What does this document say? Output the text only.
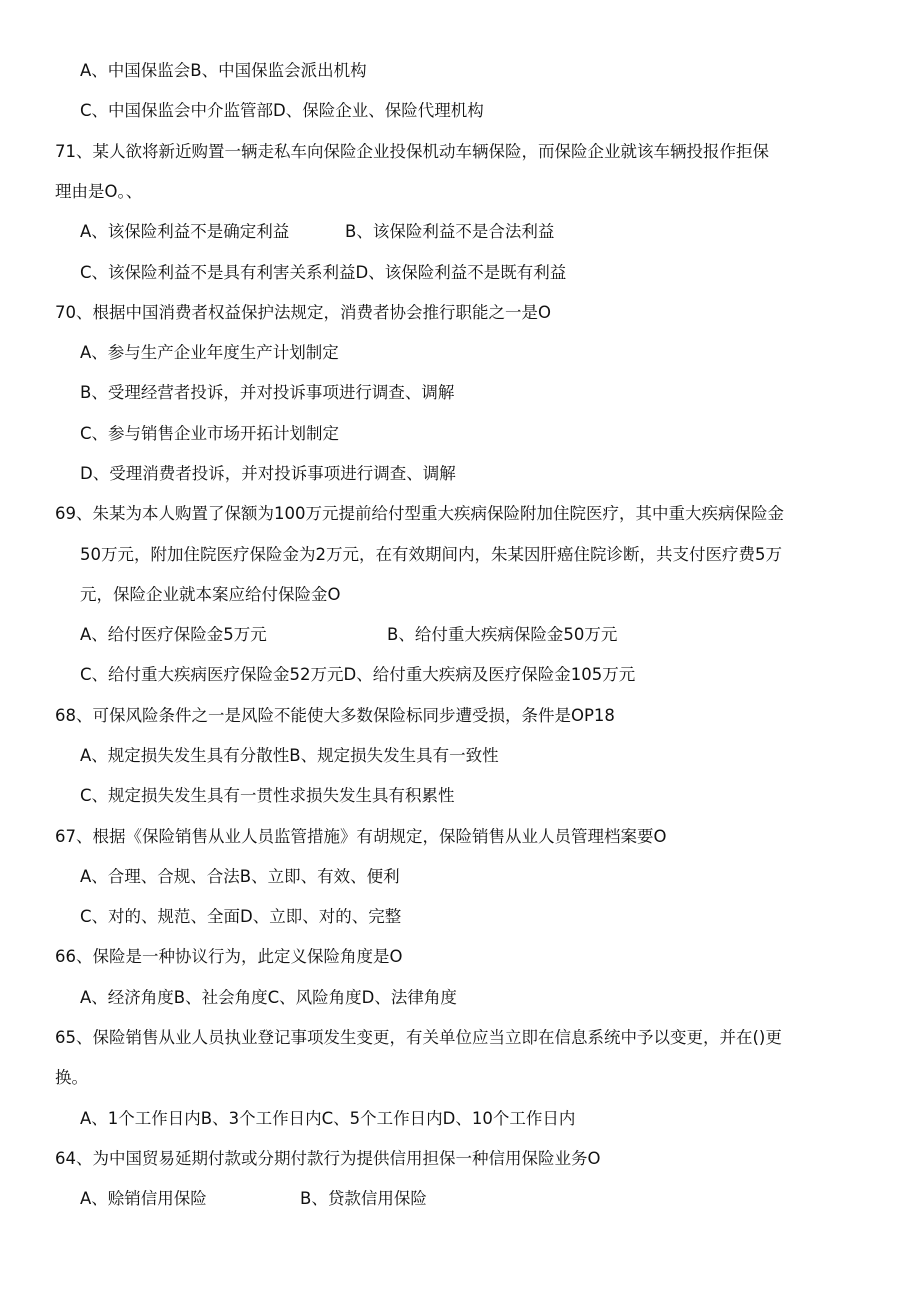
A、中国保监会B、中国保监会派出机构
C、中国保监会中介监管部D、保险企业、保险代理机构
71、某人欲将新近购置一辆走私车向保险企业投保机动车辆保险，而保险企业就该车辆投报作拒保
理由是O。、
A、该保险利益不是确定利益	B、该保险利益不是合法利益
C、该保险利益不是具有利害关系利益D、该保险利益不是既有利益
70、根据中国消费者权益保护法规定，消费者协会推行职能之一是O
A、参与生产企业年度生产计划制定
B、受理经营者投诉，并对投诉事项进行调查、调解
C、参与销售企业市场开拓计划制定
D、受理消费者投诉，并对投诉事项进行调查、调解
69、朱某为本人购置了保额为100万元提前给付型重大疾病保险附加住院医疗，其中重大疾病保险金
50万元，附加住院医疗保险金为2万元，在有效期间内，朱某因肝癌住院诊断，共支付医疗费5万
元，保险企业就本案应给付保险金O
A、给付医疗保险金5万元	B、给付重大疾病保险金50万元
C、给付重大疾病医疗保险金52万元D、给付重大疾病及医疗保险金105万元
68、可保风险条件之一是风险不能使大多数保险标同步遭受损，条件是OP18
A、规定损失发生具有分散性B、规定损失发生具有一致性
C、规定损失发生具有一贯性求损失发生具有积累性
67、根据《保险销售从业人员监管措施》有胡规定，保险销售从业人员管理档案要O
A、合理、合规、合法B、立即、有效、便利
C、对的、规范、全面D、立即、对的、完整
66、保险是一种协议行为，此定义保险角度是O
A、经济角度B、社会角度C、风险角度D、法律角度
65、保险销售从业人员执业登记事项发生变更，有关单位应当立即在信息系统中予以变更，并在()更
换。
A、1个工作日内B、3个工作日内C、5个工作日内D、10个工作日内
64、为中国贸易延期付款或分期付款行为提供信用担保一种信用保险业务O
A、赊销信用保险	B、贷款信用保险
